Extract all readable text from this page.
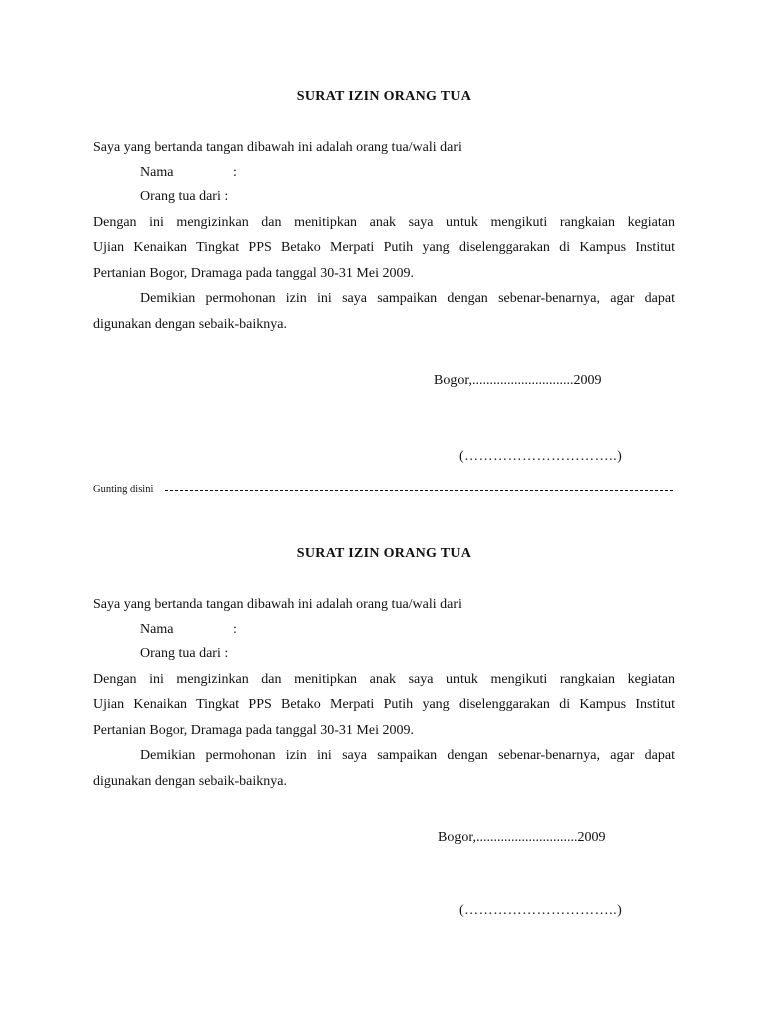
SURAT IZIN ORANG TUA

Saya yang bertanda tangan dibawah ini adalah orang tua/wali dari

Nama	:

Orang tua dari :

Dengan ini mengizinkan dan menitipkan anak saya untuk mengikuti rangkaian kegiatan
Ujian Kenaikan Tingkat PPS Betako Merpati Putih yang diselenggarakan di Kampus Institut
Pertanian Bogor, Dramaga pada tanggal 30-31 Mei 2009.
Demikian permohonan izin ini saya sampaikan dengan sebenar-benarnya, agar dapat
digunakan dengan sebaik-baiknya.

Bogor,.............................2009

(…………………………..)

Gunting disini

SURAT IZIN ORANG TUA

Saya yang bertanda tangan dibawah ini adalah orang tua/wali dari

Nama	:

Orang tua dari :

Dengan ini mengizinkan dan menitipkan anak saya untuk mengikuti rangkaian kegiatan
Ujian Kenaikan Tingkat PPS Betako Merpati Putih yang diselenggarakan di Kampus Institut
Pertanian Bogor, Dramaga pada tanggal 30-31 Mei 2009.
Demikian permohonan izin ini saya sampaikan dengan sebenar-benarnya, agar dapat
digunakan dengan sebaik-baiknya.

Bogor,.............................2009

(…………………………..)
